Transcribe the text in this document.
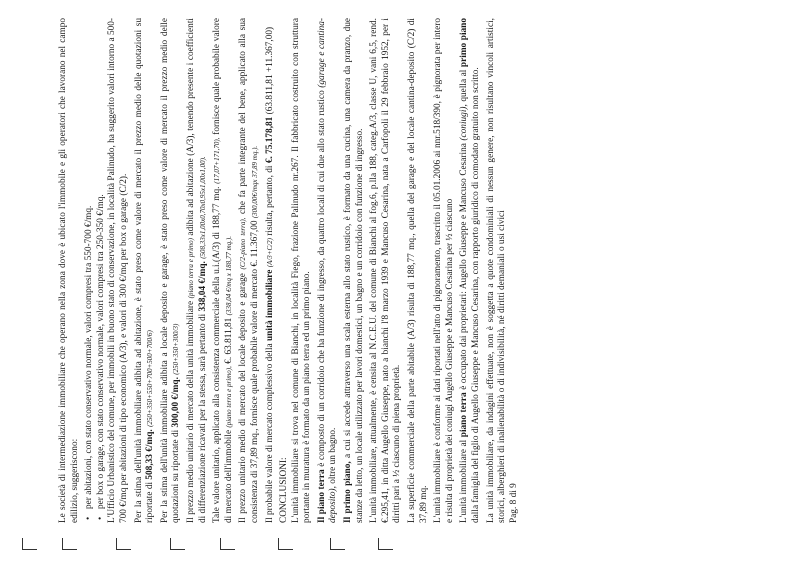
Le società di intermediazione immobiliare che operano nella zona dove è ubicato l'immobile e gli operatori che lavorano nel campo edilizio, suggeriscono: • per abitazioni, con stato conservativo normale, valori compresi tra 550-700 €/mq. • per box o garage, con stato conservativo normale, valori compresi tra 250-350 €/mq. L'Ufficio Urbanistico del comune, per immobili in buono stato di conservazione, in località Palinudo, ha suggerito valori intorno a 500-700 €/mq per abitazioni di tipo economico (A/3), e valori di 300 €/mq per box o garage (C/2). Per la stima dell'unità immobiliare adibita ad abitazione, è stato preso come valore di mercato il prezzo medio delle quotazioni su riportate di 508,33 €/mq. (250+350+550+700+500+700/6) Per la stima dell'unità immobiliare adibita a locale deposito e garage, è stato preso come valore di mercato il prezzo medio delle quotazioni su riportate di 300,00 €/mq. (250+350+300/3) Il prezzo medio unitario di mercato della unità immobiliare (piano terra e primo) adibita ad abitazione (A/3), tenendo presente i coefficienti di differenziazione ricavati per la stessa, sarà pertanto di 338,04 €/mq. (508,33x1,00x0,70x0,95x1,00x1,00). Tale valore unitario, applicato alla consistenza commerciale della u.i.(A/3) di 188,77 mq. (17,07+171,70), fornisce quale probabile valore di mercato dell'immobile (piano terra e primo), €. 63.811,81 (338,04 €/mq x 188,77 mq.). Il prezzo unitario medio di mercato del locale deposito e garage (C/2-piano terra), che fa parte integrante del bene, applicato alla sua consistenza di 37,89 mq., fornisce quale probabile valore di mercato €. 11.367,00 (300,00€/mqx 37,89 mq.).

Il probabile valore di mercato complessivo della unità immobiliare (A/3+C/2) risulta, pertanto, di €. 75.178,81 (63.811,81 +11.367,00)

CONCLUSIONI: L'unità immobiliare si trova nel comune di Bianchi, in località Fiego, frazione Palinudo nr.267. Il fabbricato costruito con struttura portante in muratura è formato da un piano terra ed un primo piano. Il piano terra è composto di un corridoio che ha funzione di ingresso, da quattro locali di cui due allo stato rustico (garage e cantina-deposito), oltre un bagno.

Il primo piano, a cui si accede attraverso una scala esterna allo stato rustico, è formato da una cucina, una camera da pranzo, due stanze da letto, un locale utilizzato per lavori domestici, un bagno e un corridoio con funzione di ingresso. L'unità immobiliare, attualmente, è censita al N.C.E.U. del comune di Bianchi al fog.6, p.lla 188, categ.A/3, classe U, vani 6,5, rend. €.295,41, in ditta Augello Giuseppe, nato a bianchi l'8 marzo 1939 e Mancuso Cesarina, nata a Carfopoli il 29 febbraio 1952, per i diritti pari a ½ ciascuno di piena proprietà. La superficie commerciale della parte abitabile (A/3) risulta di 188,77 mq., quella del garage e del locale cantina-deposito (C/2) di 37,89 mq. L'unità immobiliare è conforme ai dati riportati nell'atto di pignoramento, trascritto il 05.01.2006 ai nnr.518/390, è pignorata per intero e risulta di proprietà dei coniugi Augello Giuseppe e Mancuso Cesarina per ½ ciascuno L'unità immobiliare al piano terra è occupato dai proprietari: Augello Giuseppe e Mancuso Cesarina (coniugi), quella al primo piano dalla famiglia del figlio di Augello Giuseppe e Mancuso Cesarina, con rapporto giuridico di comodato gratuito non scritto. La unità immobiliare, da indagini effettuate, non è soggetta a quote condominiali di nessun genere, non risultano vincoli artistici, storici, alberghieri di inalienabilità o di indivisibilità, né diritti demaniali o usi civici Pag. 8 di 9
